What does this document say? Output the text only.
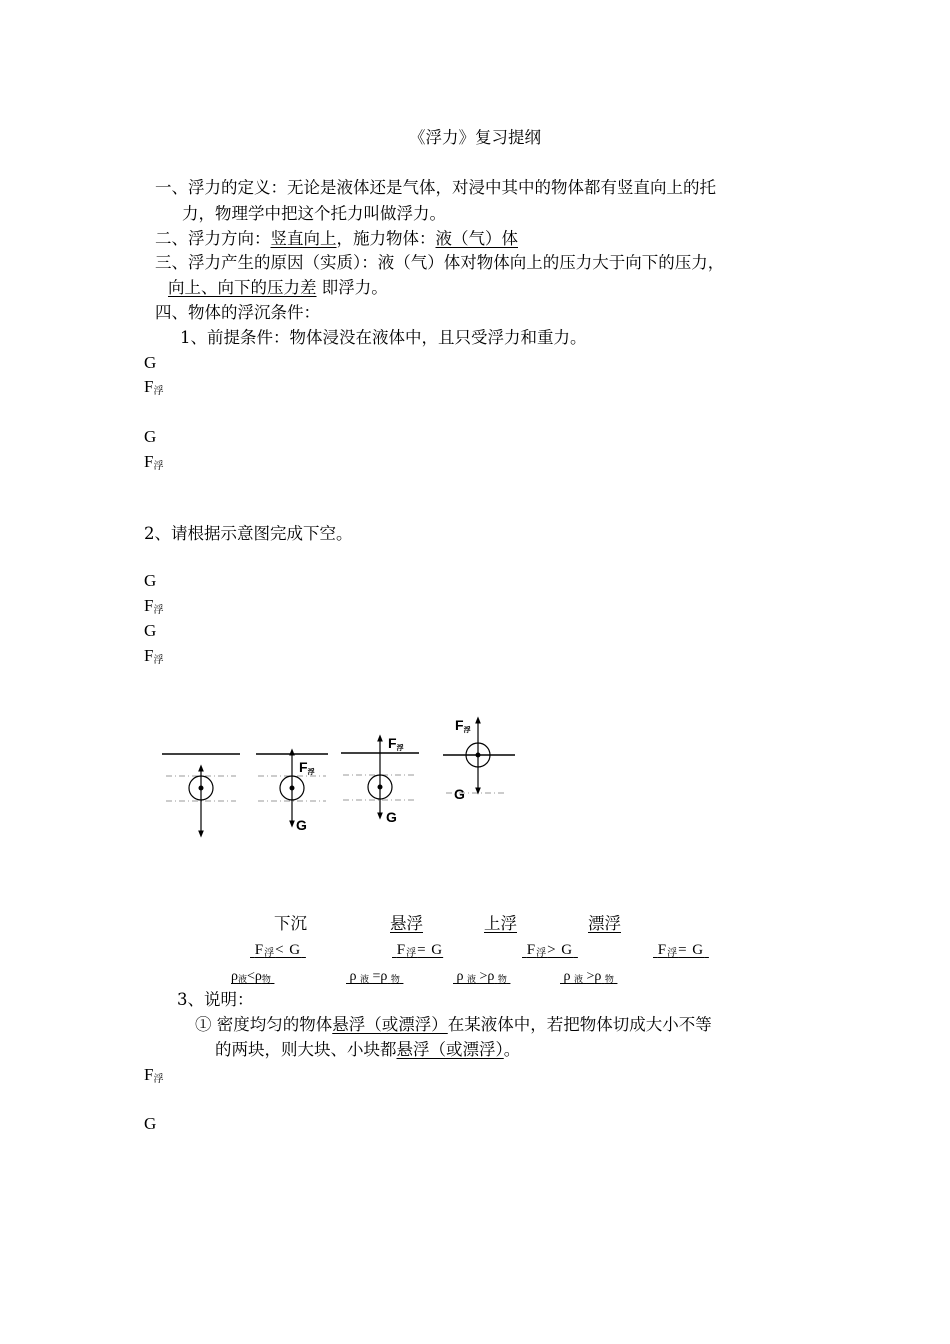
《浮力》复习提纲
一、浮力的定义：无论是液体还是气体，对浸中其中的物体都有竖直向上的托
力，物理学中把这个托力叫做浮力。
二、浮力方向：竖直向上，施力物体：液（气）体
三、浮力产生的原因（实质）：液（气）体对物体向上的压力大于向下的压力，
向上、向下的压力差 即浮力。
四、物体的浮沉条件：
1、前提条件：物体浸没在液体中，且只受浮力和重力。
G
$F_浮$
G
$F_浮$
2、请根据示意图完成下空。
G
$F_浮$
G
$F_浮$
F浮
G
F浮
G
F浮
G
下沉	悬浮	上浮	漂浮
$F_浮< G$	$F_浮= G$	$F_浮> G$	$F_浮= G$
$\rho_液<\rho_物$	ρ $_液$ =ρ $_物$	ρ $_液$ >ρ $_物$	ρ $_液$ >ρ $_物$
3、说明：
① 密度均匀的物体悬浮（或漂浮）在某液体中，若把物体切成大小不等
的两块，则大块、小块都悬浮（或漂浮）。
$F_浮$
G
